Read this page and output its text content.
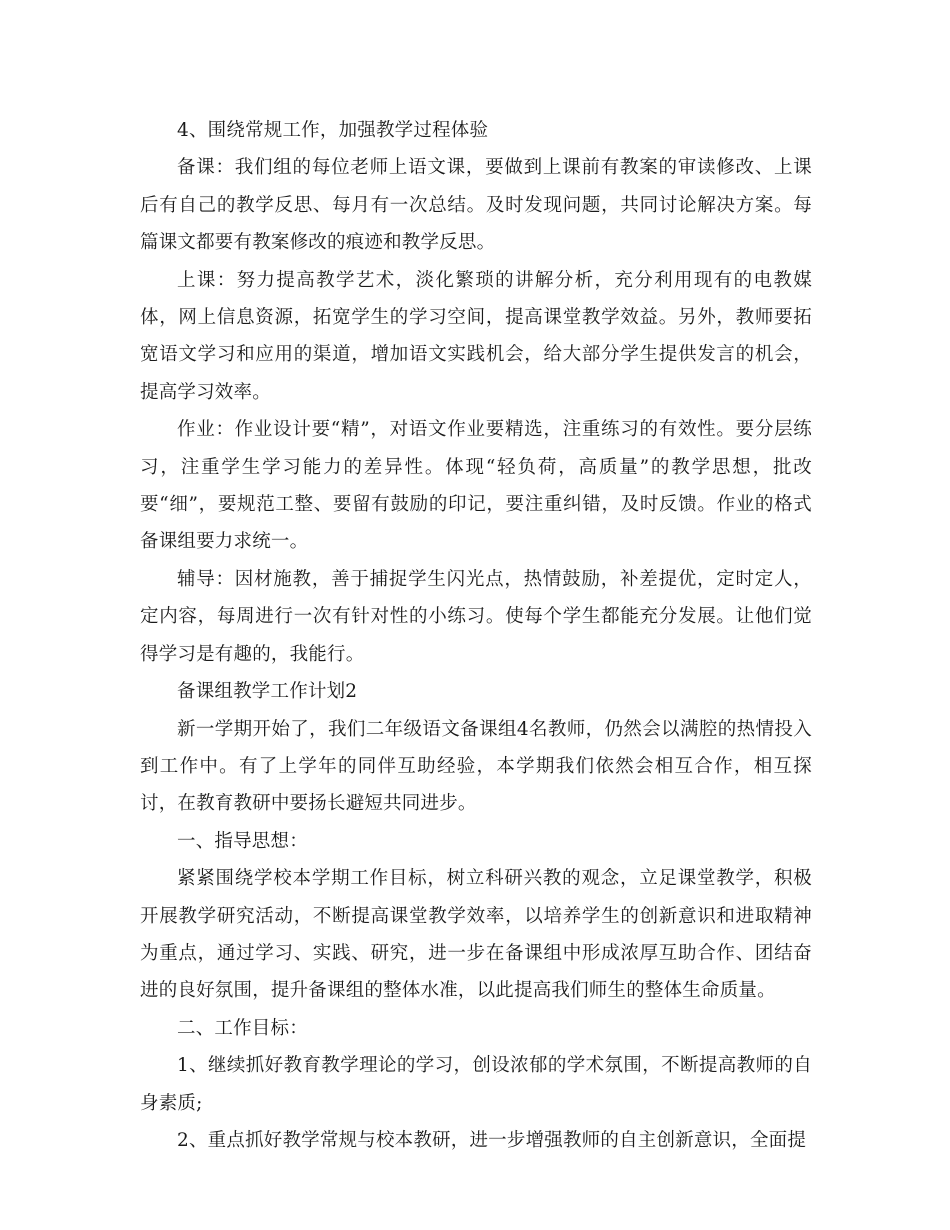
4、围绕常规工作，加强教学过程体验

备课：我们组的每位老师上语文课，要做到上课前有教案的审读修改、上课后有自己的教学反思、每月有一次总结。及时发现问题，共同讨论解决方案。每篇课文都要有教案修改的痕迹和教学反思。

上课：努力提高教学艺术，淡化繁琐的讲解分析，充分利用现有的电教媒体，网上信息资源，拓宽学生的学习空间，提高课堂教学效益。另外，教师要拓宽语文学习和应用的渠道，增加语文实践机会，给大部分学生提供发言的机会，提高学习效率。

作业：作业设计要“精”，对语文作业要精选，注重练习的有效性。要分层练习，注重学生学习能力的差异性。体现“轻负荷，高质量”的教学思想，批改要“细”，要规范工整、要留有鼓励的印记，要注重纠错，及时反馈。作业的格式备课组要力求统一。

辅导：因材施教，善于捕捉学生闪光点，热情鼓励，补差提优，定时定人，定内容，每周进行一次有针对性的小练习。使每个学生都能充分发展。让他们觉得学习是有趣的，我能行。

备课组教学工作计划2

新一学期开始了，我们二年级语文备课组4名教师，仍然会以满腔的热情投入到工作中。有了上学年的同伴互助经验，本学期我们依然会相互合作，相互探讨，在教育教研中要扬长避短共同进步。

一、指导思想：

紧紧围绕学校本学期工作目标，树立科研兴教的观念，立足课堂教学，积极开展教学研究活动，不断提高课堂教学效率，以培养学生的创新意识和进取精神为重点，通过学习、实践、研究，进一步在备课组中形成浓厚互助合作、团结奋进的良好氛围，提升备课组的整体水准，以此提高我们师生的整体生命质量。

二、工作目标：

1、继续抓好教育教学理论的学习，创设浓郁的学术氛围，不断提高教师的自身素质;

2、重点抓好教学常规与校本教研，进一步增强教师的自主创新意识，全面提
